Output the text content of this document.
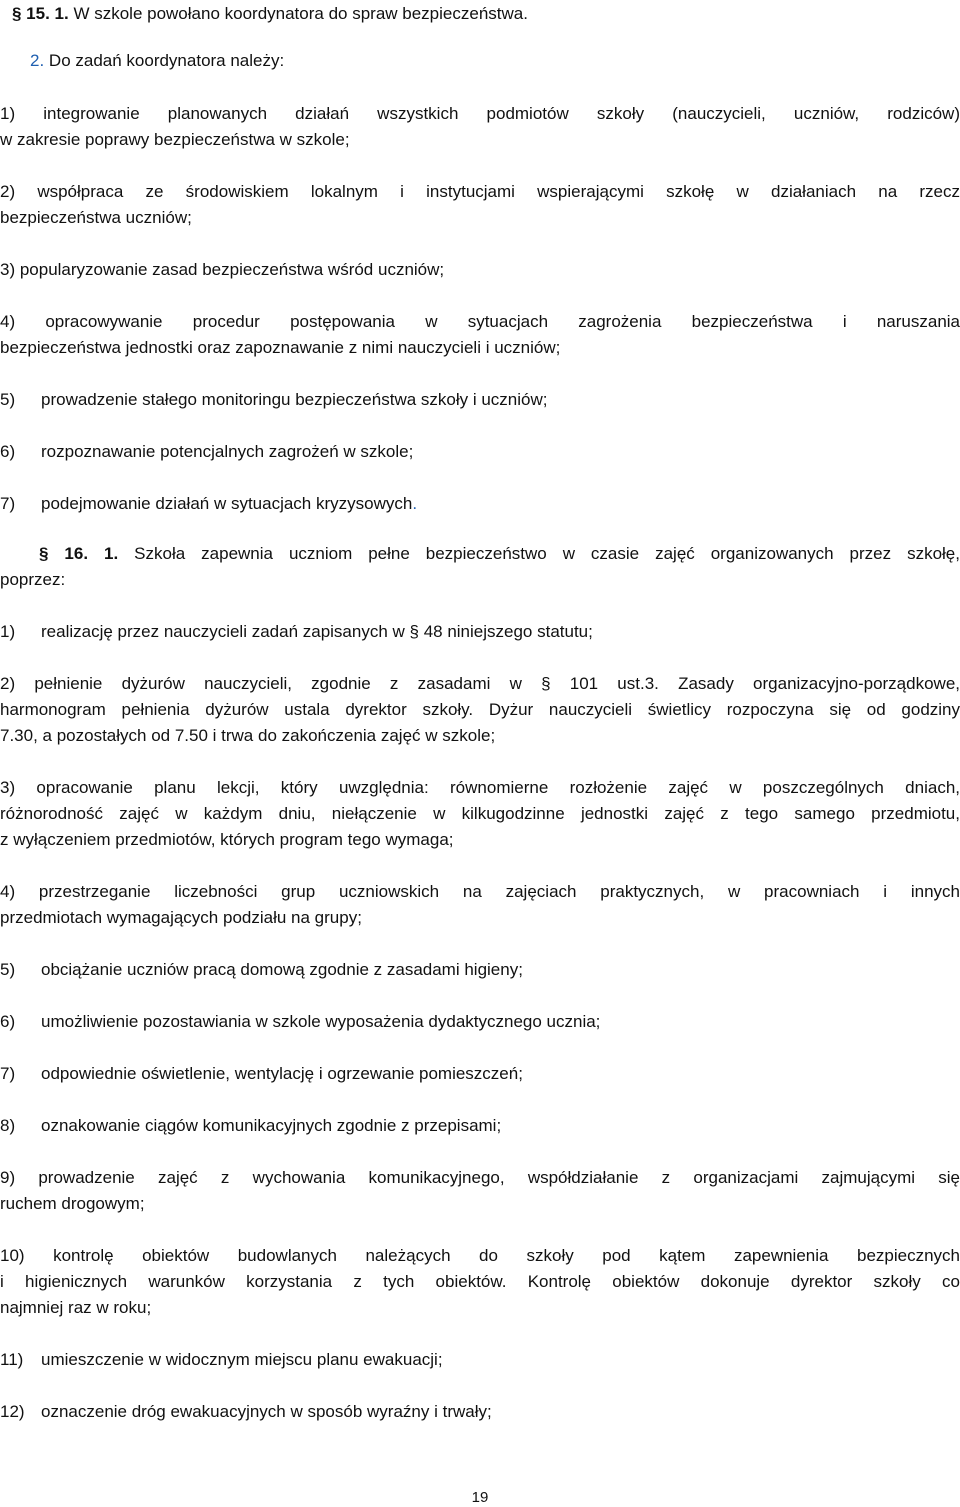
§ 15. 1. W szkole powołano koordynatora do spraw bezpieczeństwa.
2. Do zadań koordynatora należy:
1) integrowanie planowanych działań wszystkich podmiotów szkoły (nauczycieli, uczniów, rodziców)
w zakresie poprawy bezpieczeństwa w szkole;
2) współpraca ze środowiskiem lokalnym i instytucjami wspierającymi szkołę w działaniach na rzecz
bezpieczeństwa uczniów;
3) popularyzowanie zasad bezpieczeństwa wśród uczniów;
4) opracowywanie procedur postępowania w sytuacjach zagrożenia bezpieczeństwa i naruszania
bezpieczeństwa jednostki oraz zapoznawanie z nimi nauczycieli i uczniów;
5) prowadzenie stałego monitoringu bezpieczeństwa szkoły i uczniów;
6) rozpoznawanie potencjalnych zagrożeń w szkole;
7) podejmowanie działań w sytuacjach kryzysowych.
§ 16. 1. Szkoła zapewnia uczniom pełne bezpieczeństwo w czasie zajęć organizowanych przez szkołę,
poprzez:
1) realizację przez nauczycieli zadań zapisanych w § 48 niniejszego statutu;
2) pełnienie dyżurów nauczycieli, zgodnie z zasadami w § 101 ust.3. Zasady organizacyjno-porządkowe,
harmonogram pełnienia dyżurów ustala dyrektor szkoły. Dyżur nauczycieli świetlicy rozpoczyna się od godziny
7.30, a pozostałych od 7.50 i trwa do zakończenia zajęć w szkole;
3) opracowanie planu lekcji, który uwzględnia: równomierne rozłożenie zajęć w poszczególnych dniach,
różnorodność zajęć w każdym dniu, niełączenie w kilkugodzinne jednostki zajęć z tego samego przedmiotu,
z wyłączeniem przedmiotów, których program tego wymaga;
4) przestrzeganie liczebności grup uczniowskich na zajęciach praktycznych, w pracowniach i innych
przedmiotach wymagających podziału na grupy;
5) obciążanie uczniów pracą domową zgodnie z zasadami higieny;
6) umożliwienie pozostawiania w szkole wyposażenia dydaktycznego ucznia;
7) odpowiednie oświetlenie, wentylację i ogrzewanie pomieszczeń;
8) oznakowanie ciągów komunikacyjnych zgodnie z przepisami;
9) prowadzenie zajęć z wychowania komunikacyjnego, współdziałanie z organizacjami zajmującymi się
ruchem drogowym;
10) kontrolę obiektów budowlanych należących do szkoły pod kątem zapewnienia bezpiecznych
i higienicznych warunków korzystania z tych obiektów. Kontrolę obiektów dokonuje dyrektor szkoły co
najmniej raz w roku;
11) umieszczenie w widocznym miejscu planu ewakuacji;
12) oznaczenie dróg ewakuacyjnych w sposób wyraźny i trwały;
19
